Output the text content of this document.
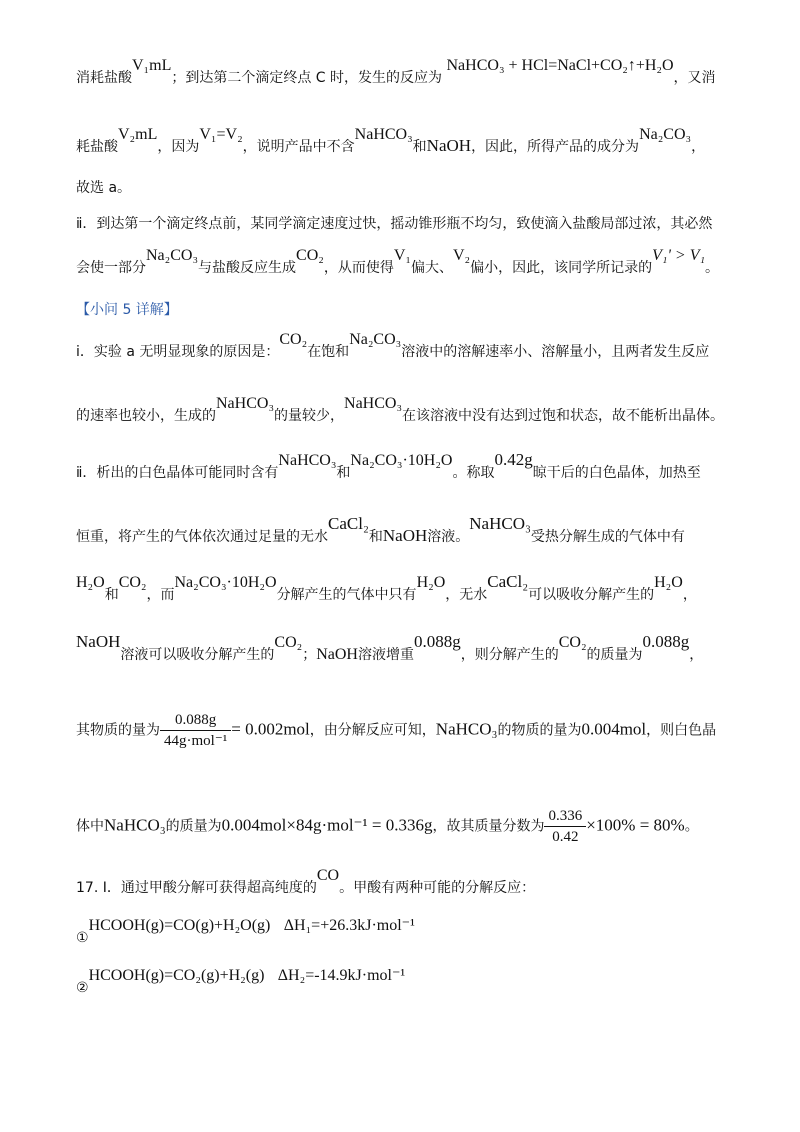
消耗盐酸V₁mL；到达第二个滴定终点 C 时，发生的反应为 NaHCO₃ + HCl=NaCl+CO₂↑+H₂O，又消
耗盐酸V₂mL，因为V₁=V₂，说明产品中不含NaHCO₃和NaOH，因此，所得产品的成分为Na₂CO₃，
故选 a。
ⅱ．到达第一个滴定终点前，某同学滴定速度过快，摇动锥形瓶不均匀，致使滴入盐酸局部过浓，其必然
会使一部分Na₂CO₃与盐酸反应生成CO₂，从而使得V₁偏大、V₂偏小，因此，该同学所记录的V₁' > V₁。
【小问 5 详解】
ⅰ．实验 a 无明显现象的原因是：CO₂在饱和Na₂CO₃溶液中的溶解速率小、溶解量小，且两者发生反应
的速率也较小，生成的NaHCO₃的量较少，NaHCO₃在该溶液中没有达到过饱和状态，故不能析出晶体。
ⅱ．析出的白色晶体可能同时含有NaHCO₃和Na₂CO₃·10H₂O。称取0.42g晾干后的白色晶体，加热至
恒重，将产生的气体依次通过足量的无水CaCl₂和NaOH溶液。NaHCO₃受热分解生成的气体中有
H₂O和CO₂，而Na₂CO₃·10H₂O分解产生的气体中只有H₂O，无水CaCl₂可以吸收分解产生的H₂O，
NaOH溶液可以吸收分解产生的CO₂；NaOH溶液增重0.088g，则分解产生的CO₂的质量为0.088g，
其物质的量为 $\frac{0.088g}{\text{44g·mol⁻¹}} = 0.002mol$，由分解反应可知，NaHCO₃的物质的量为0.004mol，则白色晶
体中NaHCO₃的质量为0.004mol×84g·mol⁻¹ = 0.336g，故其质量分数为 $\frac{0.336}{0.42} \times 100\% = 80\%$。
17. I．通过甲酸分解可获得超高纯度的CO。甲酸有两种可能的分解反应：
①HCOOH(g)=CO(g)+H₂O(g) ΔH₁=+26.3kJ·mol⁻¹
②HCOOH(g)=CO₂(g)+H₂(g) ΔH₂=-14.9kJ·mol⁻¹
